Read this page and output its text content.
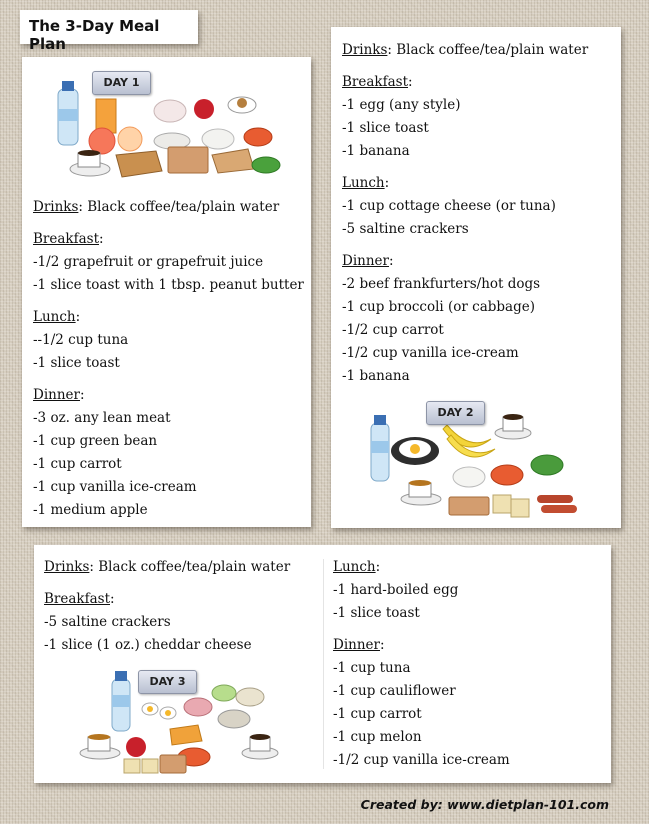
The 3-Day Meal Plan
DAY 1
Drinks: Black coffee/tea/plain water
Breakfast:
-1/2 grapefruit or grapefruit juice
-1 slice toast with 1 tbsp. peanut butter
Lunch:
--1/2 cup tuna
-1 slice toast
Dinner:
-3 oz. any lean meat
-1 cup green bean
-1 cup carrot
-1 cup vanilla ice-cream
-1 medium apple
Drinks: Black coffee/tea/plain water
Breakfast:
-1 egg (any style)
-1 slice toast
-1 banana
Lunch:
-1 cup cottage cheese (or tuna)
-5 saltine crackers
Dinner:
-2 beef frankfurters/hot dogs
-1 cup broccoli (or cabbage)
-1/2 cup carrot
-1/2 cup vanilla ice-cream
-1 banana
DAY 2
Drinks: Black coffee/tea/plain water
Breakfast:
-5 saltine crackers
-1 slice (1 oz.) cheddar cheese
DAY 3
Lunch:
-1 hard-boiled egg
-1 slice toast
Dinner:
-1 cup tuna
-1 cup cauliflower
-1 cup carrot
-1 cup melon
-1/2 cup vanilla ice-cream
Created by: www.dietplan-101.com
